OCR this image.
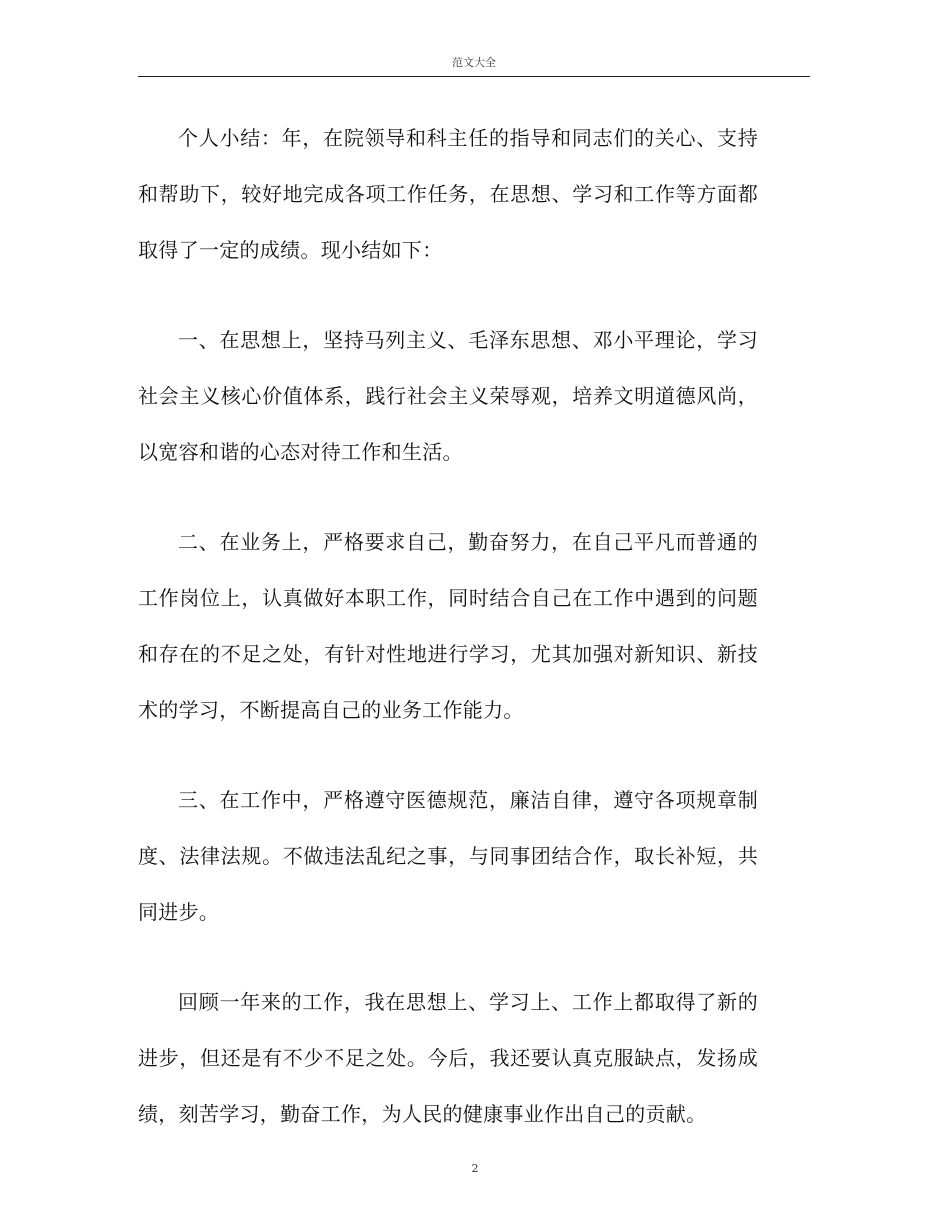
范文大全

个人小结：年，在院领导和科主任的指导和同志们的关心、支持和帮助下，较好地完成各项工作任务，在思想、学习和工作等方面都取得了一定的成绩。现小结如下：

一、在思想上，坚持马列主义、毛泽东思想、邓小平理论，学习社会主义核心价值体系，践行社会主义荣辱观，培养文明道德风尚，以宽容和谐的心态对待工作和生活。

二、在业务上，严格要求自己，勤奋努力，在自己平凡而普通的工作岗位上，认真做好本职工作，同时结合自己在工作中遇到的问题和存在的不足之处，有针对性地进行学习，尤其加强对新知识、新技术的学习，不断提高自己的业务工作能力。

三、在工作中，严格遵守医德规范，廉洁自律，遵守各项规章制度、法律法规。不做违法乱纪之事，与同事团结合作，取长补短，共同进步。

回顾一年来的工作，我在思想上、学习上、工作上都取得了新的进步，但还是有不少不足之处。今后，我还要认真克服缺点，发扬成绩，刻苦学习，勤奋工作，为人民的健康事业作出自己的贡献。

2
